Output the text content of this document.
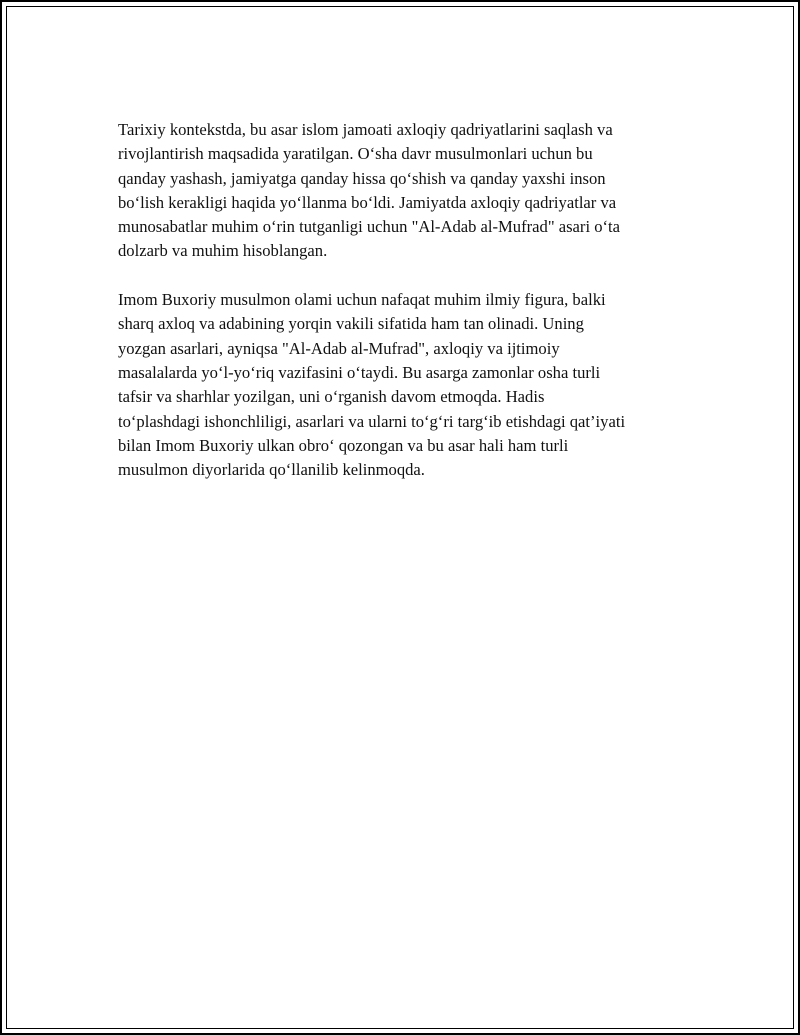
Tarixiy kontekstda, bu asar islom jamoati axloqiy qadriyatlarini saqlash va
rivojlantirish maqsadida yaratilgan. O‘sha davr musulmonlari uchun bu
qanday yashash, jamiyatga qanday hissa qo‘shish va qanday yaxshi inson
bo‘lish kerakligi haqida yo‘llanma bo‘ldi. Jamiyatda axloqiy qadriyatlar va
munosabatlar muhim o‘rin tutganligi uchun "Al-Adab al-Mufrad" asari o‘ta
dolzarb va muhim hisoblangan.

Imom Buxoriy musulmon olami uchun nafaqat muhim ilmiy figura, balki
sharq axloq va adabining yorqin vakili sifatida ham tan olinadi. Uning
yozgan asarlari, ayniqsa "Al-Adab al-Mufrad", axloqiy va ijtimoiy
masalalarda yo‘l-yo‘riq vazifasini o‘taydi. Bu asarga zamonlar osha turli
tafsir va sharhlar yozilgan, uni o‘rganish davom etmoqda. Hadis
to‘plashdagi ishonchliligi, asarlari va ularni to‘g‘ri targ‘ib etishdagi qat’iyati
bilan Imom Buxoriy ulkan obro‘ qozongan va bu asar hali ham turli
musulmon diyorlarida qo‘llanilib kelinmoqda.
